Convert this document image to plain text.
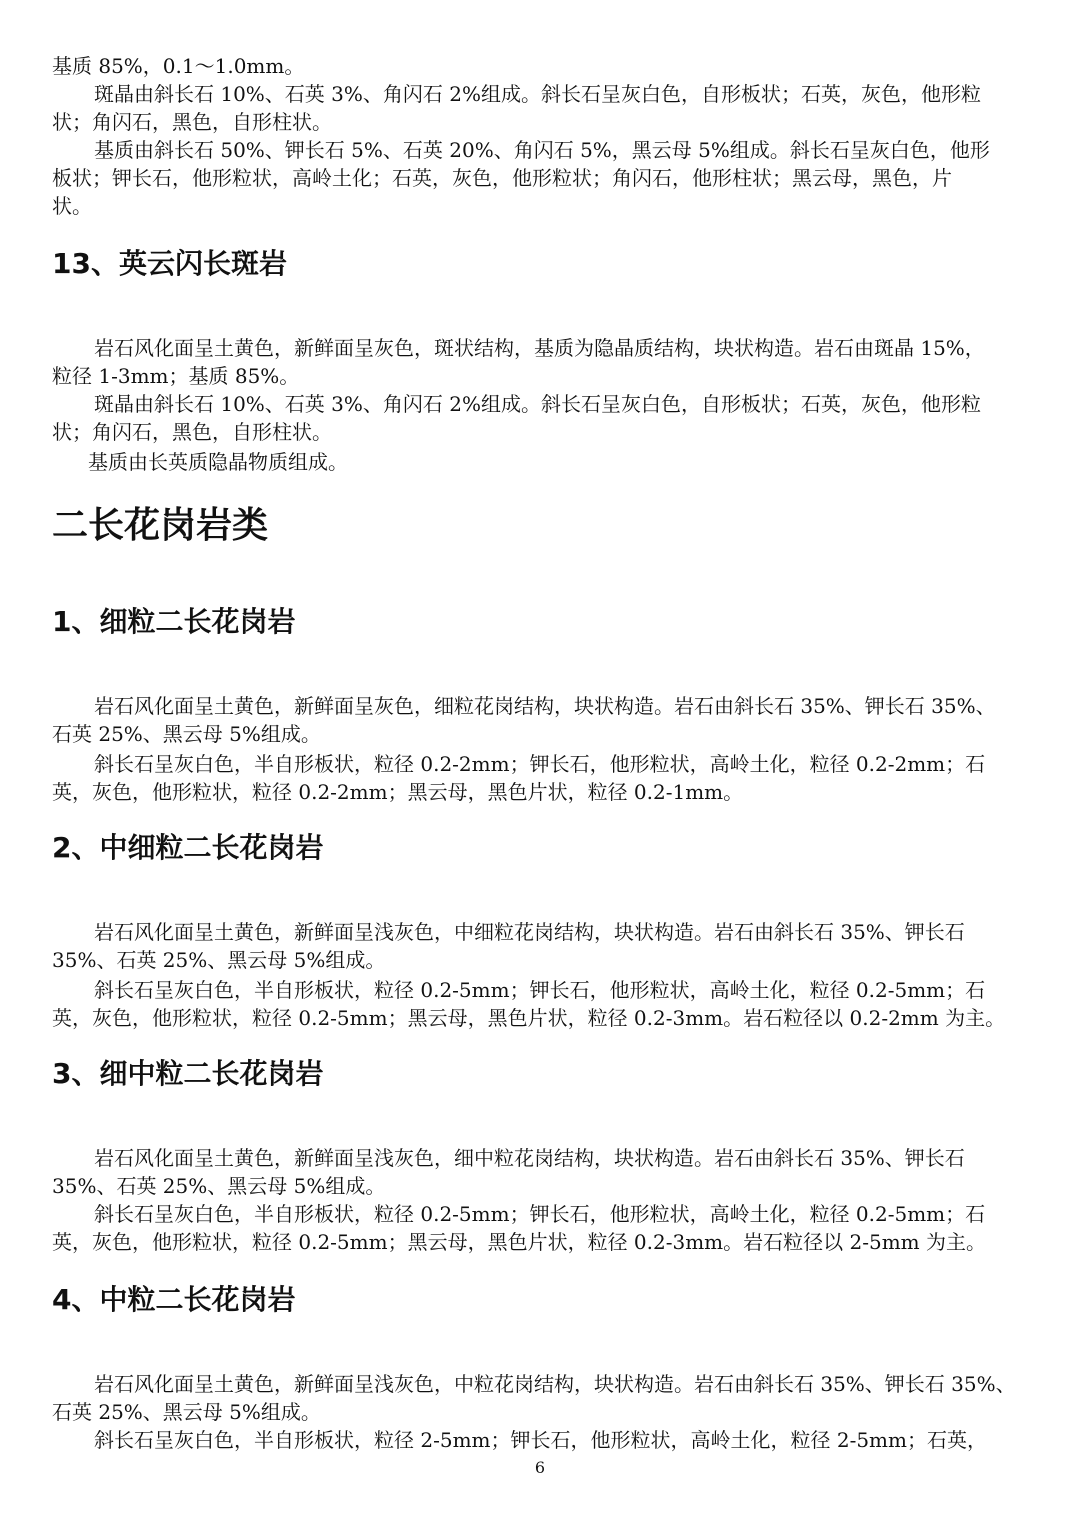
基质 85%，0.1～1.0mm。
斑晶由斜长石 10%、石英 3%、角闪石 2%组成。斜长石呈灰白色，自形板状；石英，灰色，他形粒
状；角闪石，黑色，自形柱状。
基质由斜长石 50%、钾长石 5%、石英 20%、角闪石 5%，黑云母 5%组成。斜长石呈灰白色，他形
板状；钾长石，他形粒状，高岭土化；石英，灰色，他形粒状；角闪石，他形柱状；黑云母，黑色，片
状。
13、英云闪长斑岩
岩石风化面呈土黄色，新鲜面呈灰色，斑状结构，基质为隐晶质结构，块状构造。岩石由斑晶 15%，
粒径 1-3mm；基质 85%。
斑晶由斜长石 10%、石英 3%、角闪石 2%组成。斜长石呈灰白色，自形板状；石英，灰色，他形粒
状；角闪石，黑色，自形柱状。
基质由长英质隐晶物质组成。
二长花岗岩类
1、细粒二长花岗岩
岩石风化面呈土黄色，新鲜面呈灰色，细粒花岗结构，块状构造。岩石由斜长石 35%、钾长石 35%、
石英 25%、黑云母 5%组成。
斜长石呈灰白色，半自形板状，粒径 0.2-2mm；钾长石，他形粒状，高岭土化，粒径 0.2-2mm；石
英，灰色，他形粒状，粒径 0.2-2mm；黑云母，黑色片状，粒径 0.2-1mm。
2、中细粒二长花岗岩
岩石风化面呈土黄色，新鲜面呈浅灰色，中细粒花岗结构，块状构造。岩石由斜长石 35%、钾长石
35%、石英 25%、黑云母 5%组成。
斜长石呈灰白色，半自形板状，粒径 0.2-5mm；钾长石，他形粒状，高岭土化，粒径 0.2-5mm；石
英，灰色，他形粒状，粒径 0.2-5mm；黑云母，黑色片状，粒径 0.2-3mm。岩石粒径以 0.2-2mm 为主。
3、细中粒二长花岗岩
岩石风化面呈土黄色，新鲜面呈浅灰色，细中粒花岗结构，块状构造。岩石由斜长石 35%、钾长石
35%、石英 25%、黑云母 5%组成。
斜长石呈灰白色，半自形板状，粒径 0.2-5mm；钾长石，他形粒状，高岭土化，粒径 0.2-5mm；石
英，灰色，他形粒状，粒径 0.2-5mm；黑云母，黑色片状，粒径 0.2-3mm。岩石粒径以 2-5mm 为主。
4、中粒二长花岗岩
岩石风化面呈土黄色，新鲜面呈浅灰色，中粒花岗结构，块状构造。岩石由斜长石 35%、钾长石 35%、
石英 25%、黑云母 5%组成。
斜长石呈灰白色，半自形板状，粒径 2-5mm；钾长石，他形粒状，高岭土化，粒径 2-5mm；石英，
6
